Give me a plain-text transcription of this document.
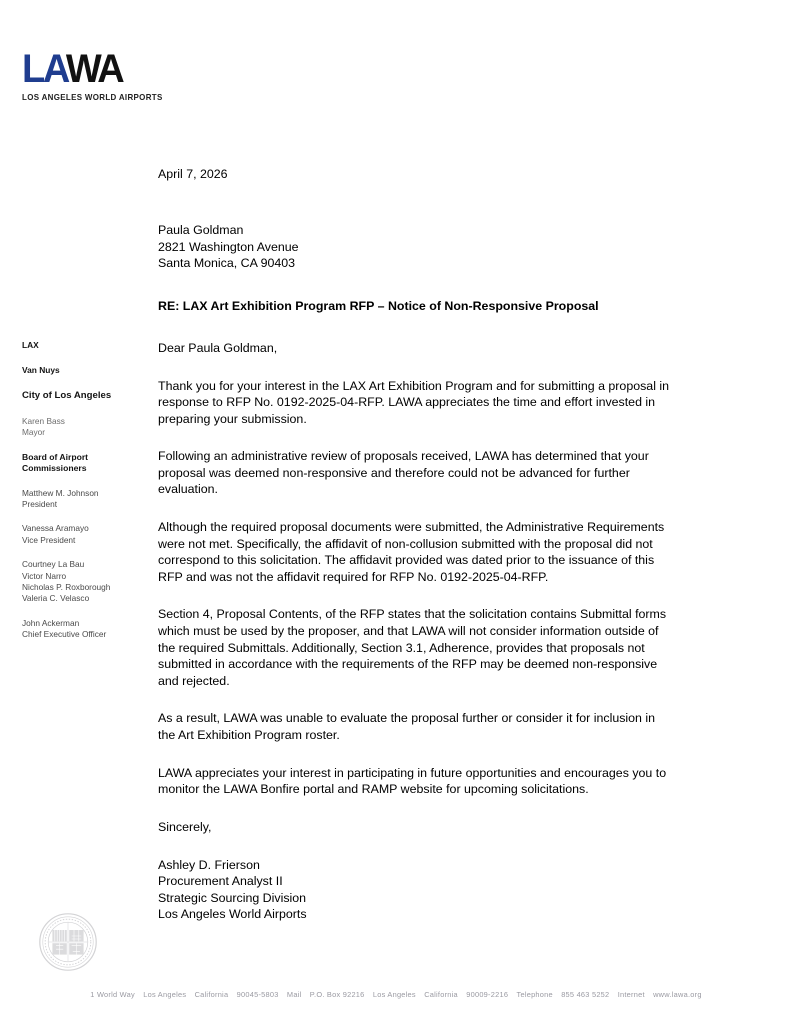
LAWA
LOS ANGELES WORLD AIRPORTS
LAX
Van Nuys
City of Los Angeles
Karen Bass
Mayor
Board of Airport
Commissioners
Matthew M. Johnson
President
Vanessa Aramayo
Vice President
Courtney La Bau
Victor Narro
Nicholas P. Roxborough
Valeria C. Velasco
John Ackerman
Chief Executive Officer
April 7, 2026
Paula Goldman
2821 Washington Avenue
Santa Monica, CA 90403
RE: LAX Art Exhibition Program RFP – Notice of Non-Responsive Proposal
Dear Paula Goldman,
Thank you for your interest in the LAX Art Exhibition Program and for submitting a proposal in response to RFP No. 0192-2025-04-RFP. LAWA appreciates the time and effort invested in preparing your submission.
Following an administrative review of proposals received, LAWA has determined that your proposal was deemed non-responsive and therefore could not be advanced for further evaluation.
Although the required proposal documents were submitted, the Administrative Requirements were not met. Specifically, the affidavit of non-collusion submitted with the proposal did not correspond to this solicitation. The affidavit provided was dated prior to the issuance of this RFP and was not the affidavit required for RFP No. 0192-2025-04-RFP.
Section 4, Proposal Contents, of the RFP states that the solicitation contains Submittal forms which must be used by the proposer, and that LAWA will not consider information outside of the required Submittals. Additionally, Section 3.1, Adherence, provides that proposals not submitted in accordance with the requirements of the RFP may be deemed non-responsive and rejected.
As a result, LAWA was unable to evaluate the proposal further or consider it for inclusion in the Art Exhibition Program roster.
LAWA appreciates your interest in participating in future opportunities and encourages you to monitor the LAWA Bonfire portal and RAMP website for upcoming solicitations.
Sincerely,
Ashley D. Frierson
Procurement Analyst II
Strategic Sourcing Division
Los Angeles World Airports
1 World Way Los Angeles California 90045-5803 Mail P.O. Box 92216 Los Angeles California 90009-2216 Telephone 855 463 5252 Internet www.lawa.org
